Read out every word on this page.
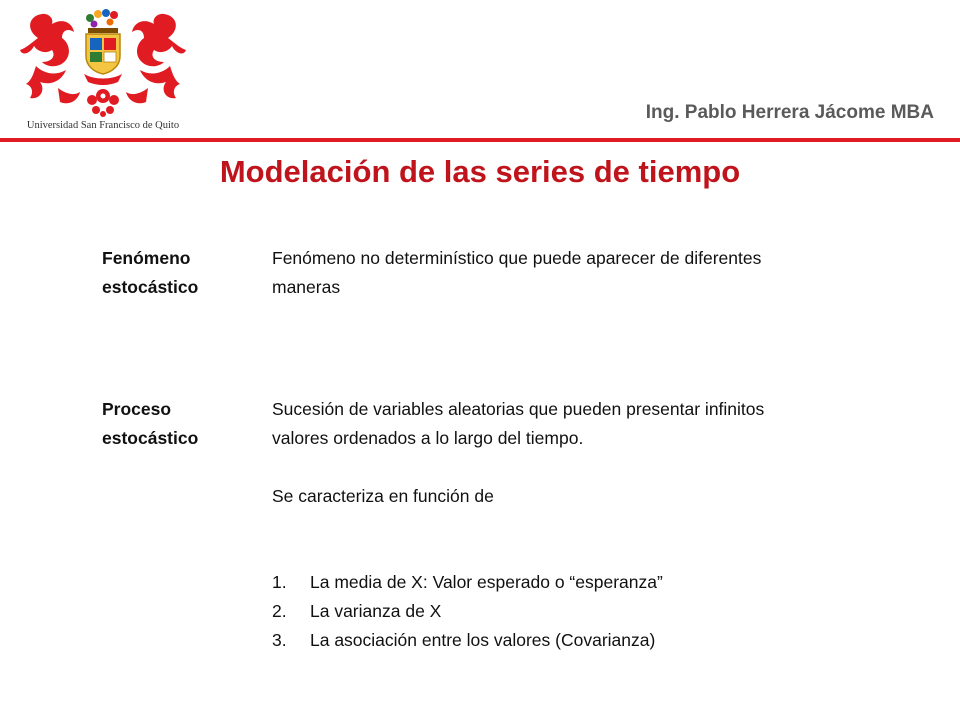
Universidad San Francisco de Quito
Ing. Pablo Herrera Jácome MBA
Modelación de las series de tiempo
Fenómeno
estocástico

Fenómeno no determinístico que puede aparecer de diferentes

maneras

Proceso
estocástico

Sucesión de variables aleatorias que pueden presentar infinitos

valores ordenados a lo largo del tiempo.

Se caracteriza en función de

1. La media de X: Valor esperado o “esperanza”
2. La varianza de X
3. La asociación entre los valores (Covarianza)
